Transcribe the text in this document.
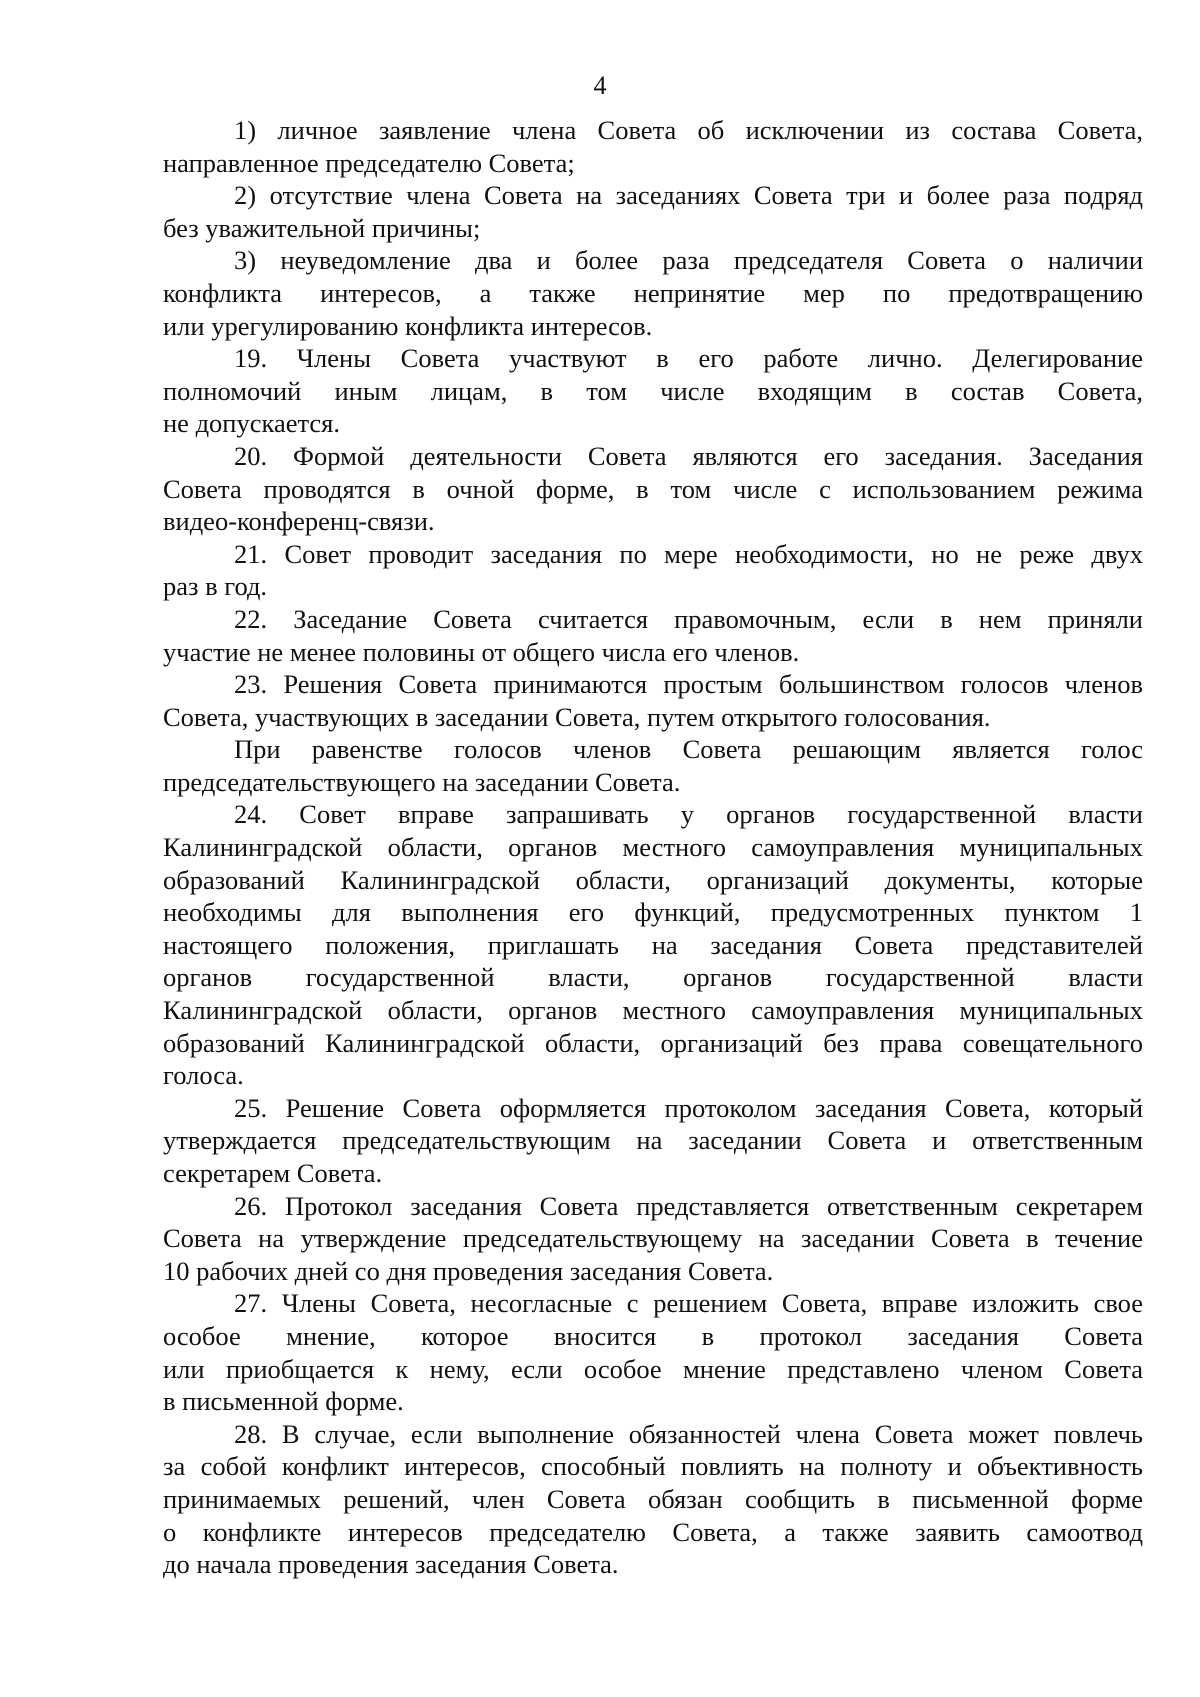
4

1) личное заявление члена Совета об исключении из состава Совета,
направленное председателю Совета;

2) отсутствие члена Совета на заседаниях Совета три и более раза подряд
без уважительной причины;

3) неуведомление два и более раза председателя Совета о наличии
конфликта интересов, а также непринятие мер по предотвращению
или урегулированию конфликта интересов.

19. Члены Совета участвуют в его работе лично. Делегирование
полномочий иным лицам, в том числе входящим в состав Совета,
не допускается.

20. Формой деятельности Совета являются его заседания. Заседания
Совета проводятся в очной форме, в том числе с использованием режима
видео-конференц-связи.

21. Совет проводит заседания по мере необходимости, но не реже двух
раз в год.

22. Заседание Совета считается правомочным, если в нем приняли
участие не менее половины от общего числа его членов.

23. Решения Совета принимаются простым большинством голосов членов
Совета, участвующих в заседании Совета, путем открытого голосования.

При равенстве голосов членов Совета решающим является голос
председательствующего на заседании Совета.

24. Совет вправе запрашивать у органов государственной власти
Калининградской области, органов местного самоуправления муниципальных
образований Калининградской области, организаций документы, которые
необходимы для выполнения его функций, предусмотренных пунктом 1
настоящего положения, приглашать на заседания Совета представителей
органов государственной власти, органов государственной власти
Калининградской области, органов местного самоуправления муниципальных
образований Калининградской области, организаций без права совещательного
голоса.

25. Решение Совета оформляется протоколом заседания Совета, который
утверждается председательствующим на заседании Совета и ответственным
секретарем Совета.

26. Протокол заседания Совета представляется ответственным секретарем
Совета на утверждение председательствующему на заседании Совета в течение
10 рабочих дней со дня проведения заседания Совета.

27. Члены Совета, несогласные с решением Совета, вправе изложить свое
особое мнение, которое вносится в протокол заседания Совета
или приобщается к нему, если особое мнение представлено членом Совета
в письменной форме.

28. В случае, если выполнение обязанностей члена Совета может повлечь
за собой конфликт интересов, способный повлиять на полноту и объективность
принимаемых решений, член Совета обязан сообщить в письменной форме
о конфликте интересов председателю Совета, а также заявить самоотвод
до начала проведения заседания Совета.
